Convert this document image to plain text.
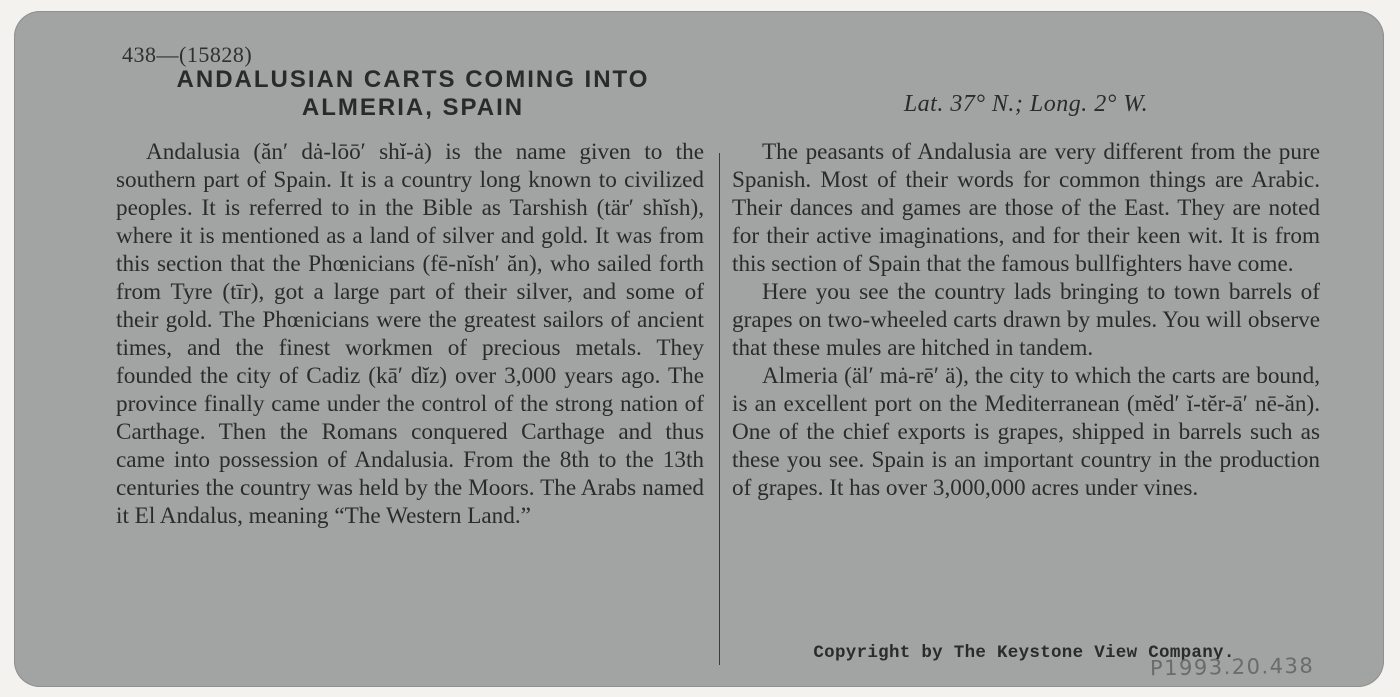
438—(15828)
ANDALUSIAN CARTS COMING INTO
ALMERIA, SPAIN	Lat. 37° N.; Long. 2° W.

Andalusia (ăn′ dȧ-lōō′ shĭ-ȧ) is the name given to the southern part of Spain. It is a country long known to civilized peoples. It is referred to in the Bible as Tarshish (tär′ shĭsh), where it is mentioned as a land of silver and gold. It was from this section that the Phœnicians (fē-nĭsh′ ăn), who sailed forth from Tyre (tīr), got a large part of their silver, and some of their gold. The Phœnicians were the greatest sailors of ancient times, and the finest workmen of precious metals. They founded the city of Cadiz (kā′ dĭz) over 3,000 years ago. The province finally came under the control of the strong nation of Carthage. Then the Romans conquered Carthage and thus came into possession of Andalusia. From the 8th to the 13th centuries the country was held by the Moors. The Arabs named it El Andalus, meaning “The Western Land.”

The peasants of Andalusia are very different from the pure Spanish. Most of their words for common things are Arabic. Their dances and games are those of the East. They are noted for their active imaginations, and for their keen wit. It is from this section of Spain that the famous bullfighters have come.

Here you see the country lads bringing to town barrels of grapes on two-wheeled carts drawn by mules. You will observe that these mules are hitched in tandem.

Almeria (äl′ mȧ-rē′ ä), the city to which the carts are bound, is an excellent port on the Mediterranean (mĕd′ ĭ-tĕr-ā′ nē-ăn). One of the chief exports is grapes, shipped in barrels such as these you see. Spain is an important country in the production of grapes. It has over 3,000,000 acres under vines.

Copyright by The Keystone View Company.
P1993.20.438
